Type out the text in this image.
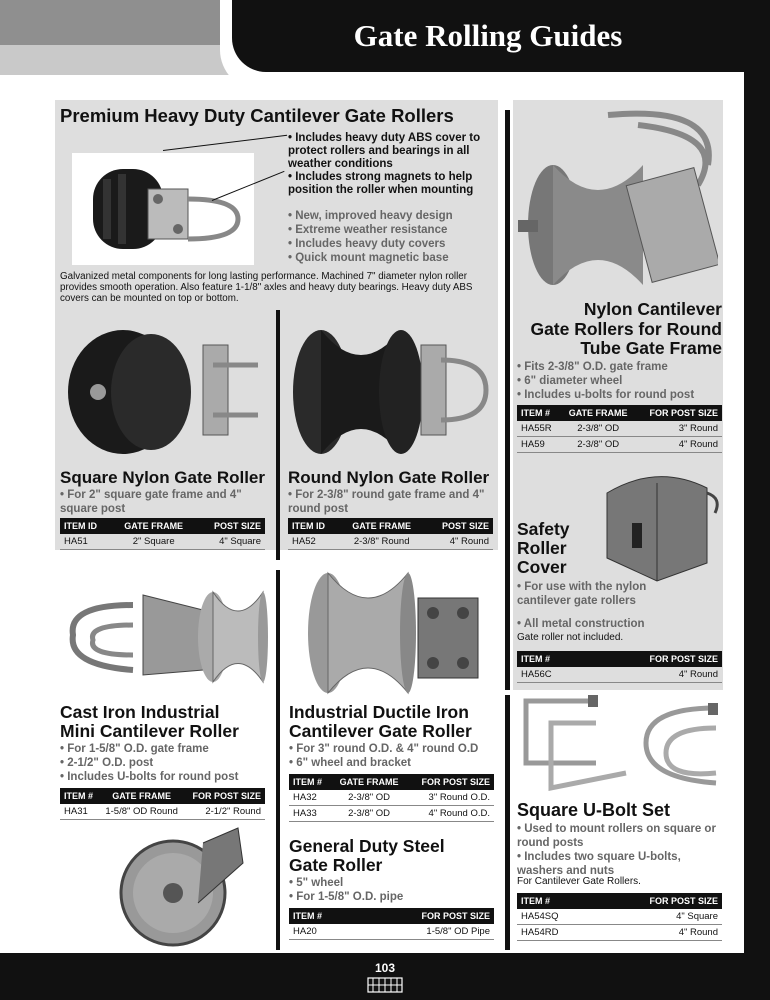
Gate Rolling Guides
Premium Heavy Duty Cantilever Gate Rollers
• Includes heavy duty ABS cover to protect rollers and bearings in all weather conditions
• Includes strong magnets to help position the roller when mounting
• New, improved heavy design
• Extreme weather resistance
• Includes heavy duty covers
• Quick mount magnetic base
Galvanized metal components for long lasting performance. Machined 7" diameter nylon roller provides smooth operation. Also feature 1-1/8" axles and heavy duty bearings. Heavy duty ABS covers can be mounted on top or bottom.
Square Nylon Gate Roller
• For 2" square gate frame and 4" square post
ITEM ID	GATE FRAME	POST SIZE
HA51	2" Square	4" Square
Round Nylon Gate Roller
• For 2-3/8" round gate frame and 4" round post
ITEM ID	GATE FRAME	POST SIZE
HA52	2-3/8" Round	4" Round
Nylon Cantilever
Gate Rollers for Round
Tube Gate Frame
• Fits 2-3/8" O.D. gate frame
• 6" diameter wheel
• Includes u-bolts for round post
ITEM #	GATE FRAME	FOR POST SIZE
HA55R	2-3/8" OD	3" Round
HA59	2-3/8" OD	4" Round
Safety
Roller
Cover
• For use with the nylon cantilever gate rollers
• All metal construction
Gate roller not included.
ITEM #	FOR POST SIZE
HA56C	4" Round
Cast Iron Industrial
Mini Cantilever Roller
• For 1-5/8" O.D. gate frame
• 2-1/2" O.D. post
• Includes U-bolts for round post
ITEM #	GATE FRAME	FOR POST SIZE
HA31	1-5/8" OD Round	2-1/2" Round
Industrial Ductile Iron
Cantilever Gate Roller
• For 3" round O.D. & 4" round O.D
• 6" wheel and bracket
ITEM #	GATE FRAME	FOR POST SIZE
HA32	2-3/8" OD	3" Round O.D.
HA33	2-3/8" OD	4" Round O.D.
General Duty Steel
Gate Roller
• 5" wheel
• For 1-5/8" O.D. pipe
ITEM #	FOR POST SIZE
HA20	1-5/8" OD Pipe
Square U-Bolt Set
• Used to mount rollers on square or round posts
• Includes two square U-bolts, washers and nuts
For Cantilever Gate Rollers.
ITEM #	FOR POST SIZE
HA54SQ	4" Square
HA54RD	4" Round
103
